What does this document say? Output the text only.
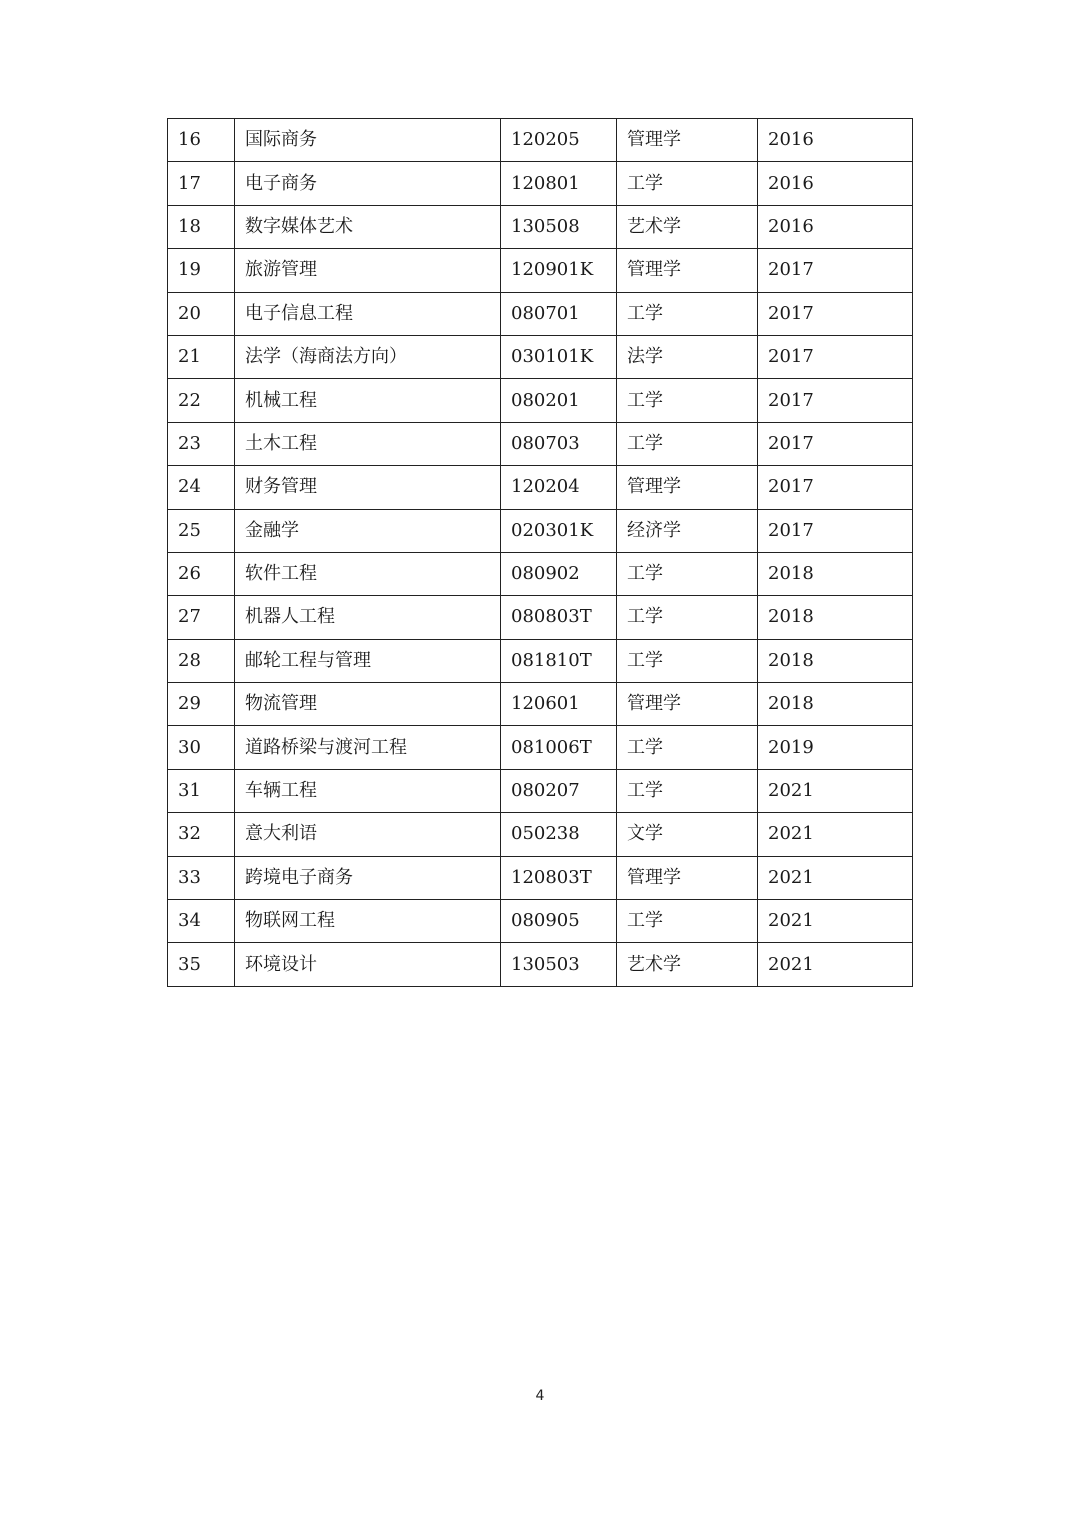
16	国际商务	120205	管理学	2016
17	电子商务	120801	工学	2016
18	数字媒体艺术	130508	艺术学	2016
19	旅游管理	120901K	管理学	2017
20	电子信息工程	080701	工学	2017
21	法学（海商法方向）	030101K	法学	2017
22	机械工程	080201	工学	2017
23	土木工程	080703	工学	2017
24	财务管理	120204	管理学	2017
25	金融学	020301K	经济学	2017
26	软件工程	080902	工学	2018
27	机器人工程	080803T	工学	2018
28	邮轮工程与管理	081810T	工学	2018
29	物流管理	120601	管理学	2018
30	道路桥梁与渡河工程	081006T	工学	2019
31	车辆工程	080207	工学	2021
32	意大利语	050238	文学	2021
33	跨境电子商务	120803T	管理学	2021
34	物联网工程	080905	工学	2021
35	环境设计	130503	艺术学	2021
4
